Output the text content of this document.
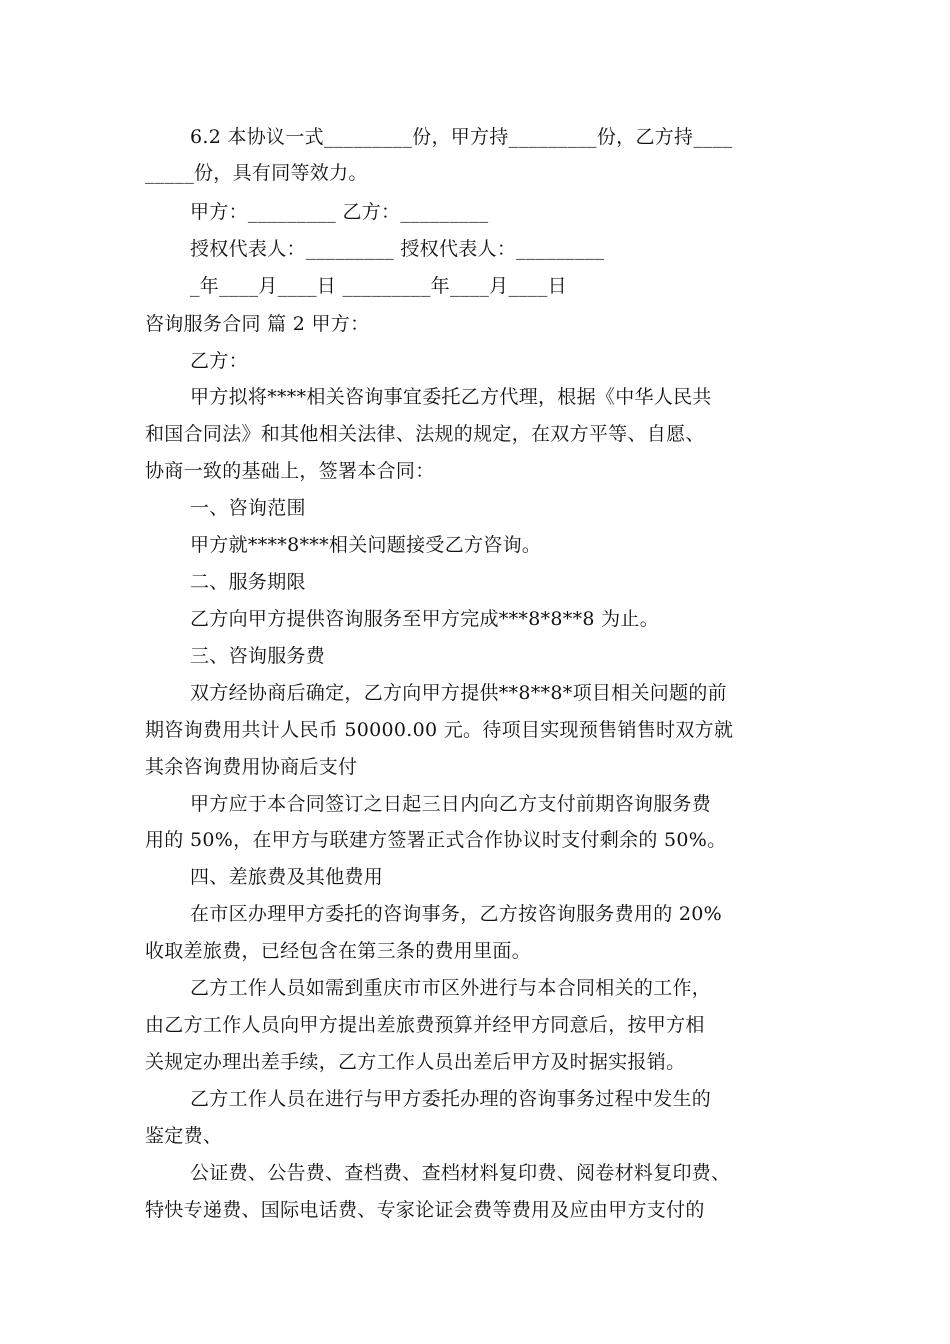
6.2 本协议一式_________份，甲方持_________份，乙方持____
_____份，具有同等效力。
甲方：_________ 乙方：_________
授权代表人：_________ 授权代表人：_________
_年____月____日 _________年____月____日
咨询服务合同 篇 2 甲方：
乙方：
甲方拟将****相关咨询事宜委托乙方代理，根据《中华人民共
和国合同法》和其他相关法律、法规的规定，在双方平等、自愿、
协商一致的基础上，签署本合同：
一、咨询范围
甲方就****8***相关问题接受乙方咨询。
二、服务期限
乙方向甲方提供咨询服务至甲方完成***8*8**8 为止。
三、咨询服务费
双方经协商后确定，乙方向甲方提供**8**8*项目相关问题的前
期咨询费用共计人民币 50000.00 元。待项目实现预售销售时双方就
其余咨询费用协商后支付
甲方应于本合同签订之日起三日内向乙方支付前期咨询服务费
用的 50%，在甲方与联建方签署正式合作协议时支付剩余的 50%。
四、差旅费及其他费用
在市区办理甲方委托的咨询事务，乙方按咨询服务费用的 20%
收取差旅费，已经包含在第三条的费用里面。
乙方工作人员如需到重庆市市区外进行与本合同相关的工作，
由乙方工作人员向甲方提出差旅费预算并经甲方同意后，按甲方相
关规定办理出差手续，乙方工作人员出差后甲方及时据实报销。
乙方工作人员在进行与甲方委托办理的咨询事务过程中发生的
鉴定费、
公证费、公告费、查档费、查档材料复印费、阅卷材料复印费、
特快专递费、国际电话费、专家论证会费等费用及应由甲方支付的
